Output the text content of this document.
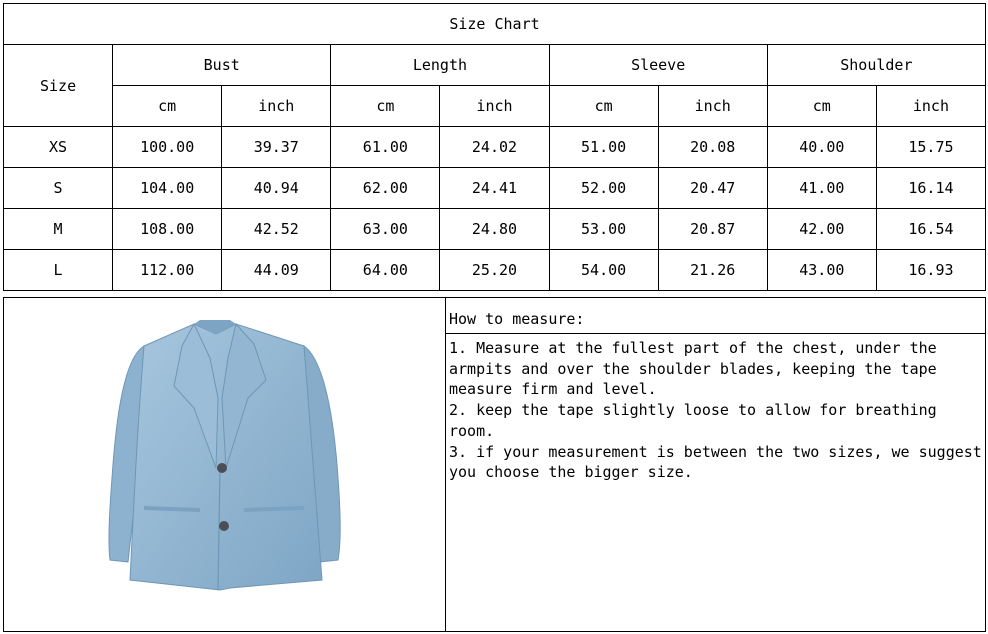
Size Chart								
Size	Bust		Length		Sleeve		Shoulder	
	cm	inch	cm	inch	cm	inch	cm	inch
XS	100.00	39.37	61.00	24.02	51.00	20.08	40.00	15.75
S	104.00	40.94	62.00	24.41	52.00	20.47	41.00	16.14
M	108.00	42.52	63.00	24.80	53.00	20.87	42.00	16.54
L	112.00	44.09	64.00	25.20	54.00	21.26	43.00	16.93
How to measure:
1. Measure at the fullest part of the chest, under the armpits and over the shoulder blades, keeping the tape measure firm and level.
2. keep the tape slightly loose to allow for breathing room.
3. if your measurement is between the two sizes, we suggest you choose the bigger size.
